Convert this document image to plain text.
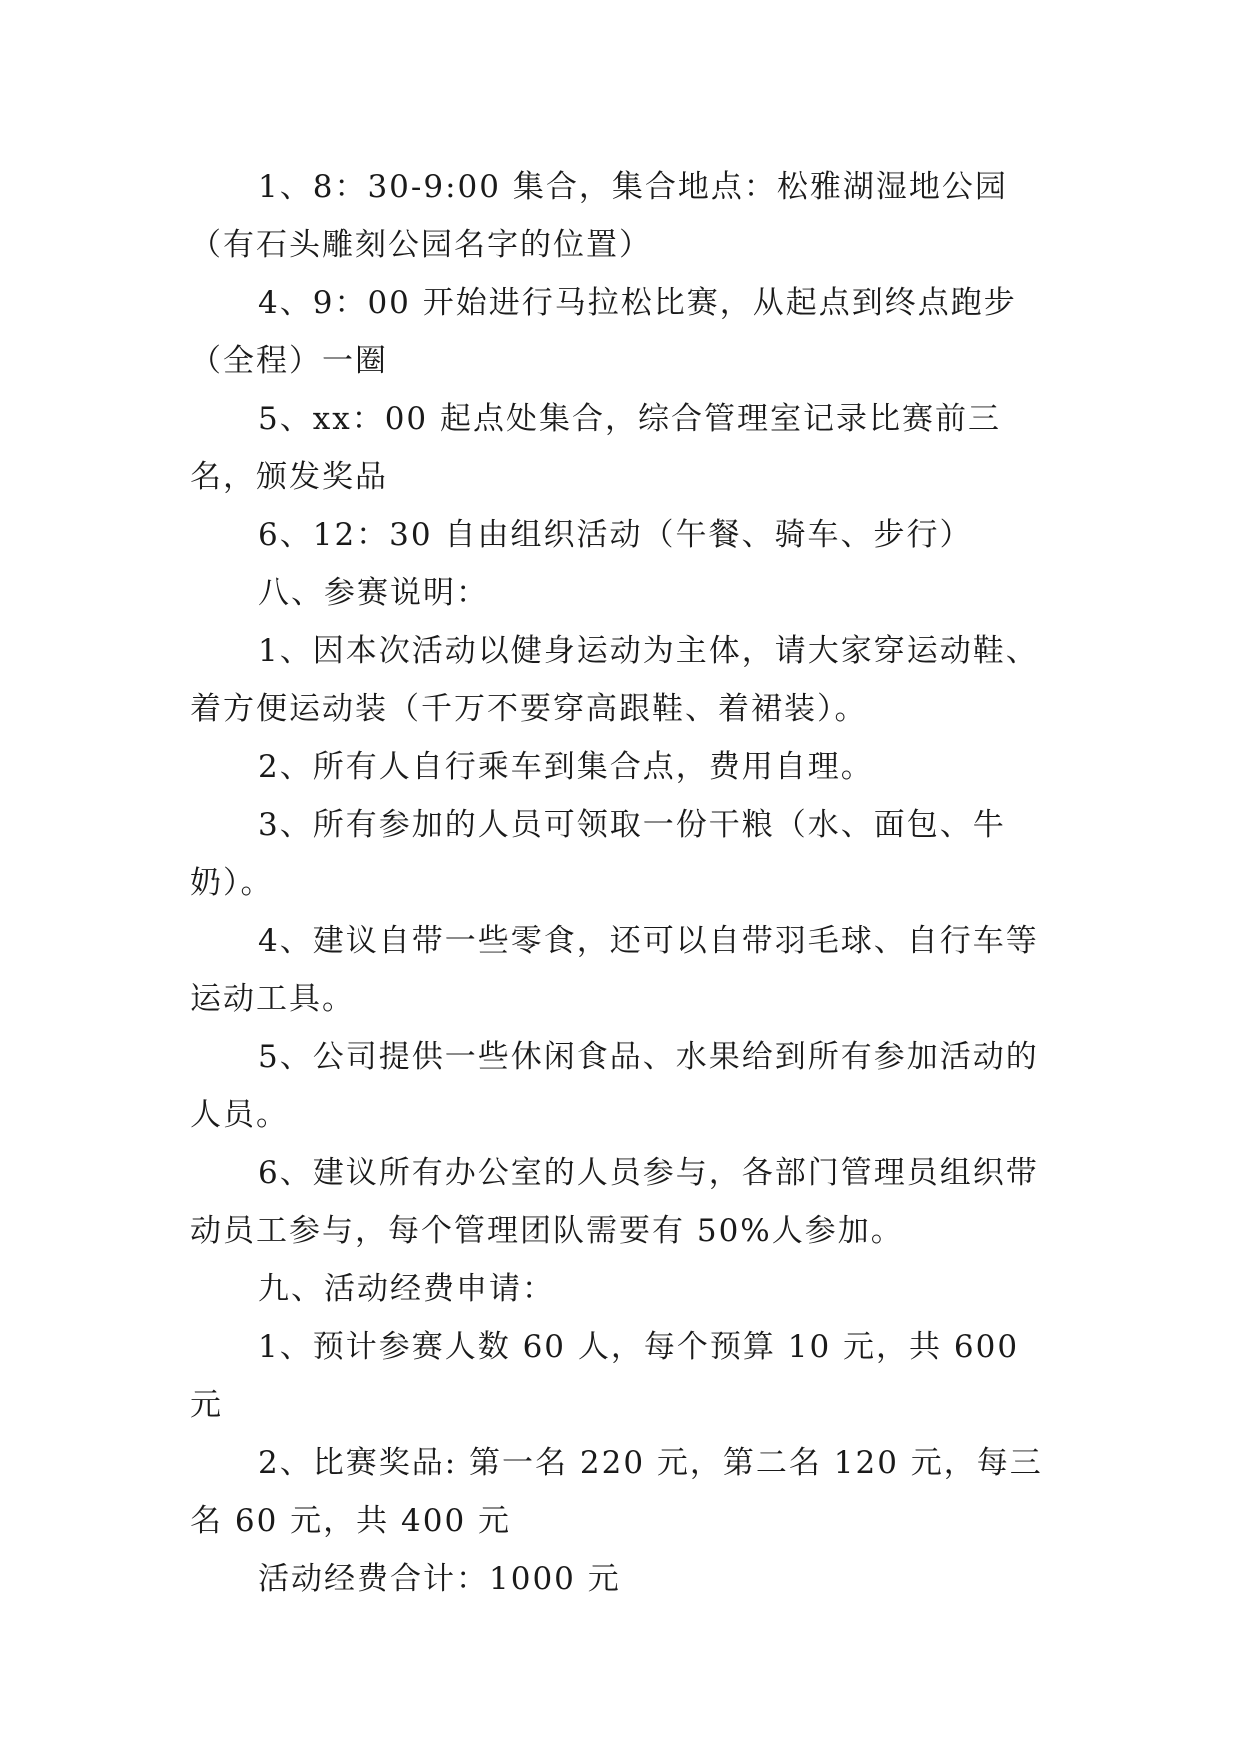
1、8：30-9:00 集合，集合地点：松雅湖湿地公园（有石头雕刻公园名字的位置）

4、9：00 开始进行马拉松比赛，从起点到终点跑步（全程）一圈

5、xx：00 起点处集合，综合管理室记录比赛前三名，颁发奖品

6、12：30 自由组织活动（午餐、骑车、步行）

八、参赛说明：

1、因本次活动以健身运动为主体，请大家穿运动鞋、着方便运动装（千万不要穿高跟鞋、着裙装）。

2、所有人自行乘车到集合点，费用自理。

3、所有参加的人员可领取一份干粮（水、面包、牛奶）。

4、建议自带一些零食，还可以自带羽毛球、自行车等运动工具。

5、公司提供一些休闲食品、水果给到所有参加活动的人员。

6、建议所有办公室的人员参与，各部门管理员组织带动员工参与，每个管理团队需要有 50%人参加。

九、活动经费申请：

1、预计参赛人数 60 人，每个预算 10 元，共 600 元

2、比赛奖品: 第一名 220 元，第二名 120 元，每三名 60 元，共 400 元

活动经费合计：1000 元
